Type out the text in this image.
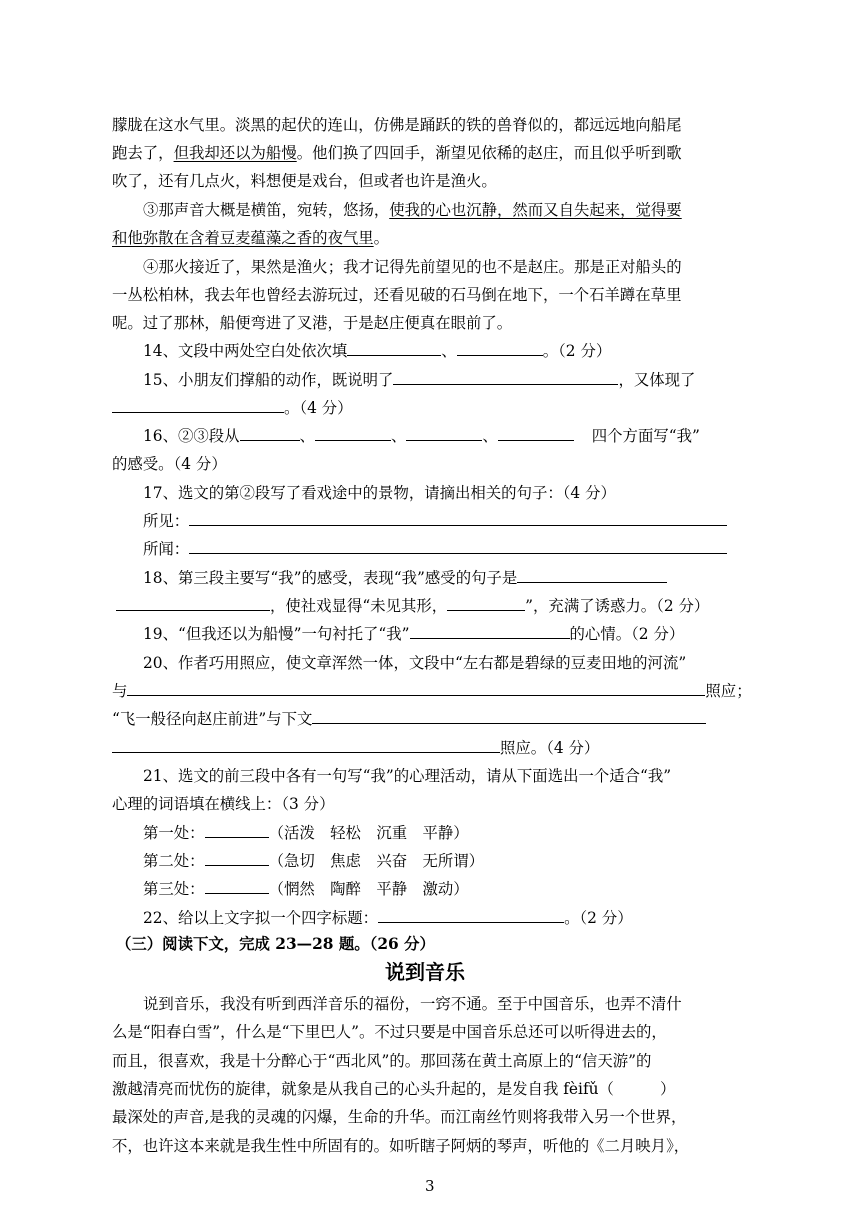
朦胧在这水气里。淡黑的起伏的连山，仿佛是踊跃的铁的兽脊似的，都远远地向船尾
跑去了，但我却还以为船慢。他们换了四回手，渐望见依稀的赵庄，而且似乎听到歌
吹了，还有几点火，料想便是戏台，但或者也许是渔火。
③那声音大概是横笛，宛转，悠扬，使我的心也沉静，然而又自失起来，觉得要
和他弥散在含着豆麦蕴藻之香的夜气里。
④那火接近了，果然是渔火；我才记得先前望见的也不是赵庄。那是正对船头的
一丛松柏林，我去年也曾经去游玩过，还看见破的石马倒在地下，一个石羊蹲在草里
呢。过了那林，船便弯进了叉港，于是赵庄便真在眼前了。
14、文段中两处空白处依次填	、	。（2 分）
15、小朋友们撑船的动作，既说明了	，又体现了
。（4 分）
16、②③段从	、	、	、	四个方面写“我”
的感受。（4 分）
17、选文的第②段写了看戏途中的景物，请摘出相关的句子：（4 分）
所见：
所闻：
18、第三段主要写“我”的感受，表现“我”感受的句子是
，使社戏显得“未见其形，	”，充满了诱惑力。（2 分）
19、“但我还以为船慢”一句衬托了“我”	的心情。（2 分）
20、作者巧用照应，使文章浑然一体，文段中“左右都是碧绿的豆麦田地的河流”
与	照应；
“飞一般径向赵庄前进”与下文
照应。（4 分）
21、选文的前三段中各有一句写“我”的心理活动，请从下面选出一个适合“我”
心理的词语填在横线上：（3 分）
第一处：	（活泼　轻松　沉重　平静）
第二处：	（急切　焦虑　兴奋　无所谓）
第三处：	（惘然　陶醉　平静　激动）
22、给以上文字拟一个四字标题：	。（2 分）
（三）阅读下文，完成 23—28 题。（26 分）
说到音乐
说到音乐，我没有听到西洋音乐的福份，一窍不通。至于中国音乐，也弄不清什
么是“阳春白雪”，什么是“下里巴人”。不过只要是中国音乐总还可以听得进去的，
而且，很喜欢，我是十分醉心于“西北风”的。那回荡在黄土高原上的“信天游”的
激越清亮而忧伤的旋律，就象是从我自己的心头升起的，是发自我 fèifǔ（	）
最深处的声音,是我的灵魂的闪爆，生命的升华。而江南丝竹则将我带入另一个世界，
不，也许这本来就是我生性中所固有的。如听瞎子阿炳的琴声，听他的《二月映月》，
3
